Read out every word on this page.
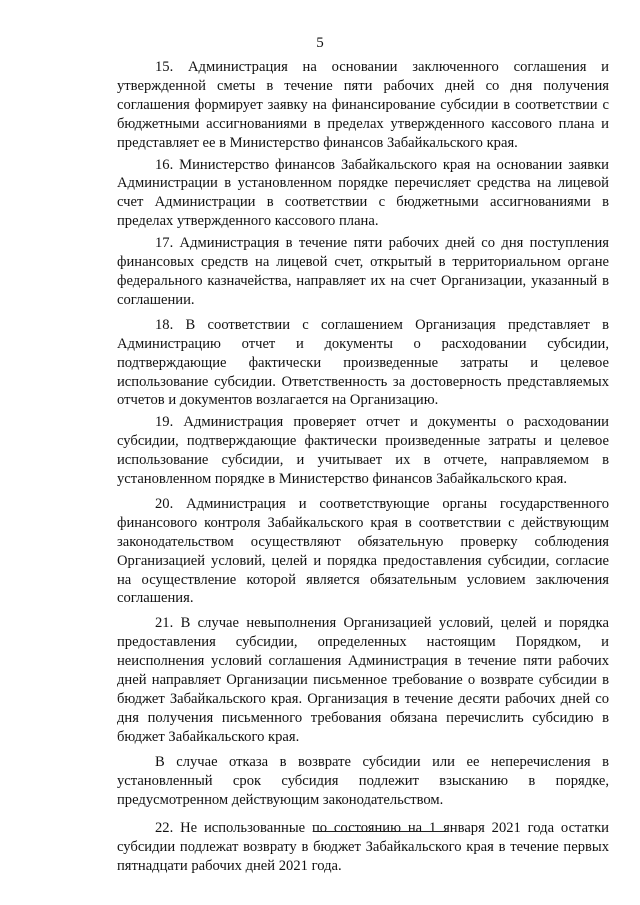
5

15. Администрация на основании заключенного соглашения и утвержденной сметы в течение пяти рабочих дней со дня получения соглашения формирует заявку на финансирование субсидии в соответствии с бюджетными ассигнованиями в пределах утвержденного кассового плана и представляет ее в Министерство финансов Забайкальского края.

16. Министерство финансов Забайкальского края на основании заявки Администрации в установленном порядке перечисляет средства на лицевой счет Администрации в соответствии с бюджетными ассигнованиями в пределах утвержденного кассового плана.

17. Администрация в течение пяти рабочих дней со дня поступления финансовых средств на лицевой счет, открытый в территориальном органе федерального казначейства, направляет их на счет Организации, указанный в соглашении.

18. В соответствии с соглашением Организация представляет в Администрацию отчет и документы о расходовании субсидии, подтверждающие фактически произведенные затраты и целевое использование субсидии. Ответственность за достоверность представляемых отчетов и документов возлагается на Организацию.

19. Администрация проверяет отчет и документы о расходовании субсидии, подтверждающие фактически произведенные затраты и целевое использование субсидии, и учитывает их в отчете, направляемом в установленном порядке в Министерство финансов Забайкальского края.

20. Администрация и соответствующие органы государственного финансового контроля Забайкальского края в соответствии с действующим законодательством осуществляют обязательную проверку соблюдения Организацией условий, целей и порядка предоставления субсидии, согласие на осуществление которой является обязательным условием заключения соглашения.

21. В случае невыполнения Организацией условий, целей и порядка предоставления субсидии, определенных настоящим Порядком, и неисполнения условий соглашения Администрация в течение пяти рабочих дней направляет Организации письменное требование о возврате субсидии в бюджет Забайкальского края. Организация в течение десяти рабочих дней со дня получения письменного требования обязана перечислить субсидию в бюджет Забайкальского края.

В случае отказа в возврате субсидии или ее неперечисления в установленный срок субсидия подлежит взысканию в порядке, предусмотренном действующим законодательством.

22. Не использованные по состоянию на 1 января 2021 года остатки субсидии подлежат возврату в бюджет Забайкальского края в течение первых пятнадцати рабочих дней 2021 года.
